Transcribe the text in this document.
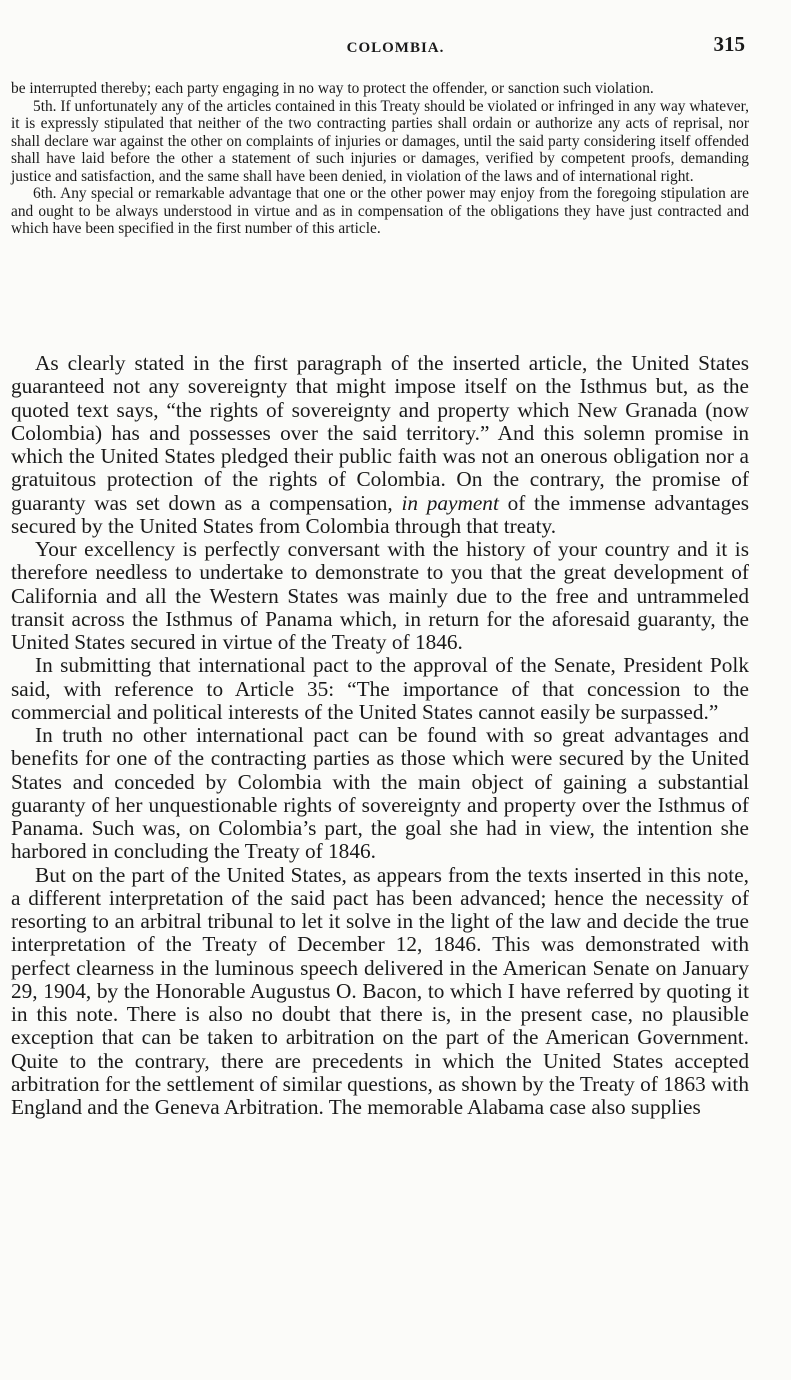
COLOMBIA.	315

be interrupted thereby; each party engaging in no way to protect the offender, or sanction such violation.

5th. If unfortunately any of the articles contained in this Treaty should be violated or infringed in any way whatever, it is expressly stipulated that neither of the two contracting parties shall ordain or authorize any acts of reprisal, nor shall declare war against the other on complaints of injuries or damages, until the said party considering itself offended shall have laid before the other a statement of such injuries or damages, verified by competent proofs, demanding justice and satisfaction, and the same shall have been denied, in violation of the laws and of international right.

6th. Any special or remarkable advantage that one or the other power may enjoy from the foregoing stipulation are and ought to be always understood in virtue and as in compensation of the obligations they have just contracted and which have been specified in the first number of this article.

As clearly stated in the first paragraph of the inserted article, the United States guaranteed not any sovereignty that might impose itself on the Isthmus but, as the quoted text says, “the rights of sovereignty and property which New Granada (now Colombia) has and possesses over the said territory.” And this solemn promise in which the United States pledged their public faith was not an onerous obligation nor a gratuitous protection of the rights of Colombia. On the contrary, the promise of guaranty was set down as a compensation, in payment of the immense advantages secured by the United States from Colombia through that treaty.

Your excellency is perfectly conversant with the history of your country and it is therefore needless to undertake to demonstrate to you that the great development of California and all the Western States was mainly due to the free and untrammeled transit across the Isthmus of Panama which, in return for the aforesaid guaranty, the United States secured in virtue of the Treaty of 1846.

In submitting that international pact to the approval of the Senate, President Polk said, with reference to Article 35: “The importance of that concession to the commercial and political interests of the United States cannot easily be surpassed.”

In truth no other international pact can be found with so great advantages and benefits for one of the contracting parties as those which were secured by the United States and conceded by Colombia with the main object of gaining a substantial guaranty of her unquestionable rights of sovereignty and property over the Isthmus of Panama. Such was, on Colombia’s part, the goal she had in view, the intention she harbored in concluding the Treaty of 1846.

But on the part of the United States, as appears from the texts inserted in this note, a different interpretation of the said pact has been advanced; hence the necessity of resorting to an arbitral tribunal to let it solve in the light of the law and decide the true interpretation of the Treaty of December 12, 1846. This was demonstrated with perfect clearness in the luminous speech delivered in the American Senate on January 29, 1904, by the Honorable Augustus O. Bacon, to which I have referred by quoting it in this note. There is also no doubt that there is, in the present case, no plausible exception that can be taken to arbitration on the part of the American Government. Quite to the contrary, there are precedents in which the United States accepted arbitration for the settlement of similar questions, as shown by the Treaty of 1863 with England and the Geneva Arbitration. The memorable Alabama case also supplies
